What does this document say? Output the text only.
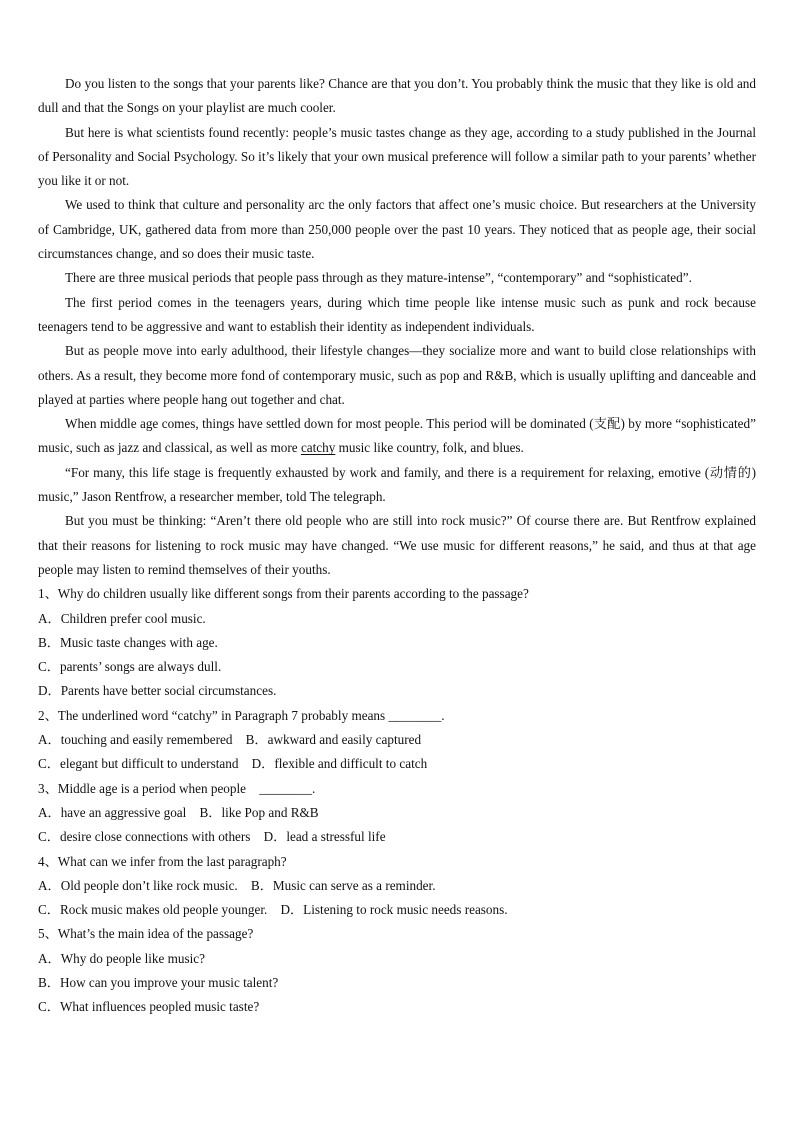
Do you listen to the songs that your parents like? Chance are that you don’t. You probably think the music that they like is old and dull and that the Songs on your playlist are much cooler.

But here is what scientists found recently: people’s music tastes change as they age, according to a study published in the Journal of Personality and Social Psychology. So it’s likely that your own musical preference will follow a similar path to your parents’ whether you like it or not.

We used to think that culture and personality arc the only factors that affect one’s music choice. But researchers at the University of Cambridge, UK, gathered data from more than 250,000 people over the past 10 years. They noticed that as people age, their social circumstances change, and so does their music taste.

There are three musical periods that people pass through as they mature-intense”, “contemporary” and “sophisticated”.

The first period comes in the teenagers years, during which time people like intense music such as punk and rock because teenagers tend to be aggressive and want to establish their identity as independent individuals.

But as people move into early adulthood, their lifestyle changes—they socialize more and want to build close relationships with others. As a result, they become more fond of contemporary music, such as pop and R&B, which is usually uplifting and danceable and played at parties where people hang out together and chat.

When middle age comes, things have settled down for most people. This period will be dominated (支配) by more “sophisticated” music, such as jazz and classical, as well as more catchy music like country, folk, and blues.

“For many, this life stage is frequently exhausted by work and family, and there is a requirement for relaxing, emotive (动情的)　music,” Jason Rentfrow, a researcher member, told The telegraph.

But you must be thinking: “Aren’t there old people who are still into rock music?” Of course there are. But Rentfrow explained that their reasons for listening to rock music may have changed. “We use music for different reasons,” he said, and thus at that age people may listen to remind themselves of their youths.

1、Why do children usually like different songs from their parents according to the passage?

A．Children prefer cool music.

B．Music taste changes with age.

C．parents’ songs are always dull.

D．Parents have better social circumstances.

2、The underlined word “catchy” in Paragraph 7 probably means ________.

A．touching and easily remembered　B．awkward and easily captured

C．elegant but difficult to understand　D．flexible and difficult to catch

3、Middle age is a period when people　________.

A．have an aggressive goal　B．like Pop and R&B

C．desire close connections with others　D．lead a stressful life

4、What can we infer from the last paragraph?

A．Old people don’t like rock music.　B．Music can serve as a reminder.

C．Rock music makes old people younger.　D．Listening to rock music needs reasons.

5、What’s the main idea of the passage?

A．Why do people like music?

B．How can you improve your music talent?

C．What influences peopled music taste?
